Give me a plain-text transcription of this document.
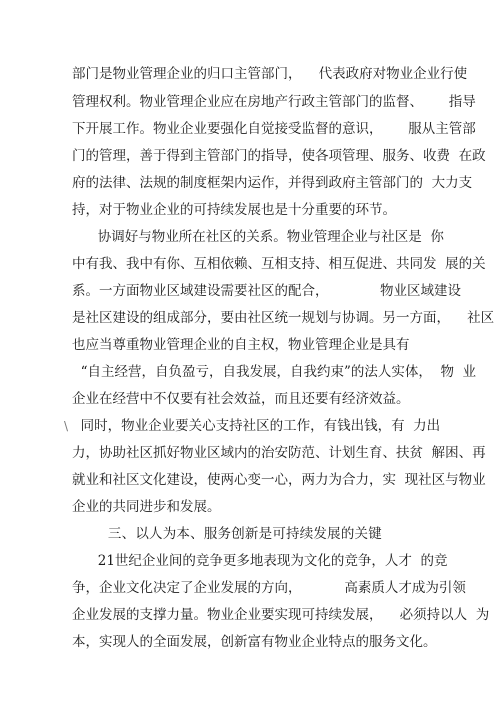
部门是物业管理企业的归口主管部门，    代表政府对物业企业行使
管理权利。物业管理企业应在房地产行政主管部门的监督、      指导
下开展工作。物业企业要强化自觉接受监督的意识，      服从主管部
门的管理，善于得到主管部门的指导，使各项管理、服务、收费  在政
府的法律、法规的制度框架内运作，并得到政府主管部门的  大力支
持，对于物业企业的可持续发展也是十分重要的环节。
协调好与物业所在社区的关系。物业管理企业与社区是  你
中有我、我中有你、互相依赖、互相支持、相互促进、共同发  展的关
系。一方面物业区域建设需要社区的配合，            物业区域建设
是社区建设的组成部分，要由社区统一规划与协调。另一方面，    社区
也应当尊重物业管理企业的自主权，物业管理企业是具有
“自主经营，自负盈亏，自我发展，自我约束”的法人实体，  物  业
企业在经营中不仅要有社会效益，而且还要有经济效益。
\ 同时，物业企业要关心支持社区的工作，有钱出钱，有  力出
力，协助社区抓好物业区域内的治安防范、计划生育、扶贫  解困、再
就业和社区文化建设，使两心变一心，两力为合力，实  现社区与物业
企业的共同进步和发展。
三、以人为本、服务创新是可持续发展的关键
21世纪企业间的竞争更多地表现为文化的竞争，人才  的竞
争，企业文化决定了企业发展的方向，          高素质人才成为引领
企业发展的支撑力量。物业企业要实现可持续发展，    必须持以人  为
本，实现人的全面发展，创新富有物业企业特点的服务文化。
